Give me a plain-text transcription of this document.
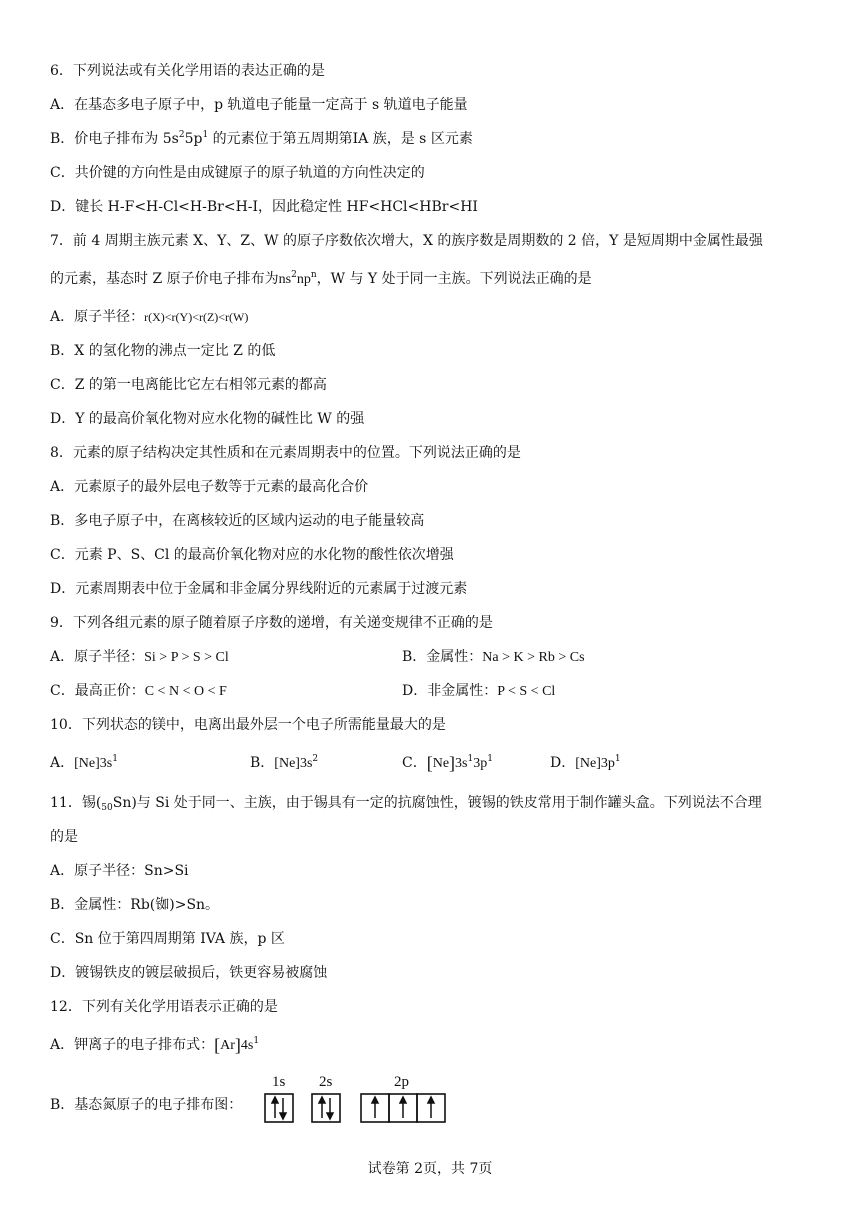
6．下列说法或有关化学用语的表达正确的是
A．在基态多电子原子中，p 轨道电子能量一定高于 s 轨道电子能量
B．价电子排布为 $5s^25p^1$ 的元素位于第五周期第ⅠA 族，是 s 区元素
C．共价键的方向性是由成键原子的原子轨道的方向性决定的
D．键长 H-F<H-Cl<H-Br<H-I，因此稳定性 HF<HCl<HBr<HI
7．前 4 周期主族元素 X、Y、Z、W 的原子序数依次增大，X 的族序数是周期数的 2 倍，Y 是短周期中金属性最强
的元素，基态时 Z 原子价电子排布为$ns^2np^n$，W 与 Y 处于同一主族。下列说法正确的是
A．原子半径：r(X)<r(Y)<r(Z)<r(W)
B．X 的氢化物的沸点一定比 Z 的低
C．Z 的第一电离能比它左右相邻元素的都高
D．Y 的最高价氧化物对应水化物的碱性比 W 的强
8．元素的原子结构决定其性质和在元素周期表中的位置。下列说法正确的是
A．元素原子的最外层电子数等于元素的最高化合价
B．多电子原子中，在离核较近的区域内运动的电子能量较高
C．元素 P、S、Cl 的最高价氧化物对应的水化物的酸性依次增强
D．元素周期表中位于金属和非金属分界线附近的元素属于过渡元素
9．下列各组元素的原子随着原子序数的递增，有关递变规律不正确的是
A．原子半径：Si > P > S > Cl	B．金属性：Na > K > Rb > Cs
C．最高正价：C < N < O < F	D．非金属性：P < S < Cl
10．下列状态的镁中，电离出最外层一个电子所需能量最大的是
A．$[Ne]3s^1$	B．$[Ne]3s^2$	C．$[Ne]3s^13p^1$	D．$[Ne]3p^1$
11．锡$(_{50}Sn)$与 Si 处于同一、主族，由于锡具有一定的抗腐蚀性，镀锡的铁皮常用于制作罐头盒。下列说法不合理
的是
A．原子半径：Sn>Si
B．金属性：Rb(铷)>Sn。
C．Sn 位于第四周期第 IVA 族，p 区
D．镀锡铁皮的镀层破损后，铁更容易被腐蚀
12．下列有关化学用语表示正确的是
A．钾离子的电子排布式：$[Ar]4s^1$
B．基态氮原子的电子排布图：
1s 2s	2p
试卷第 2页，共 7页
